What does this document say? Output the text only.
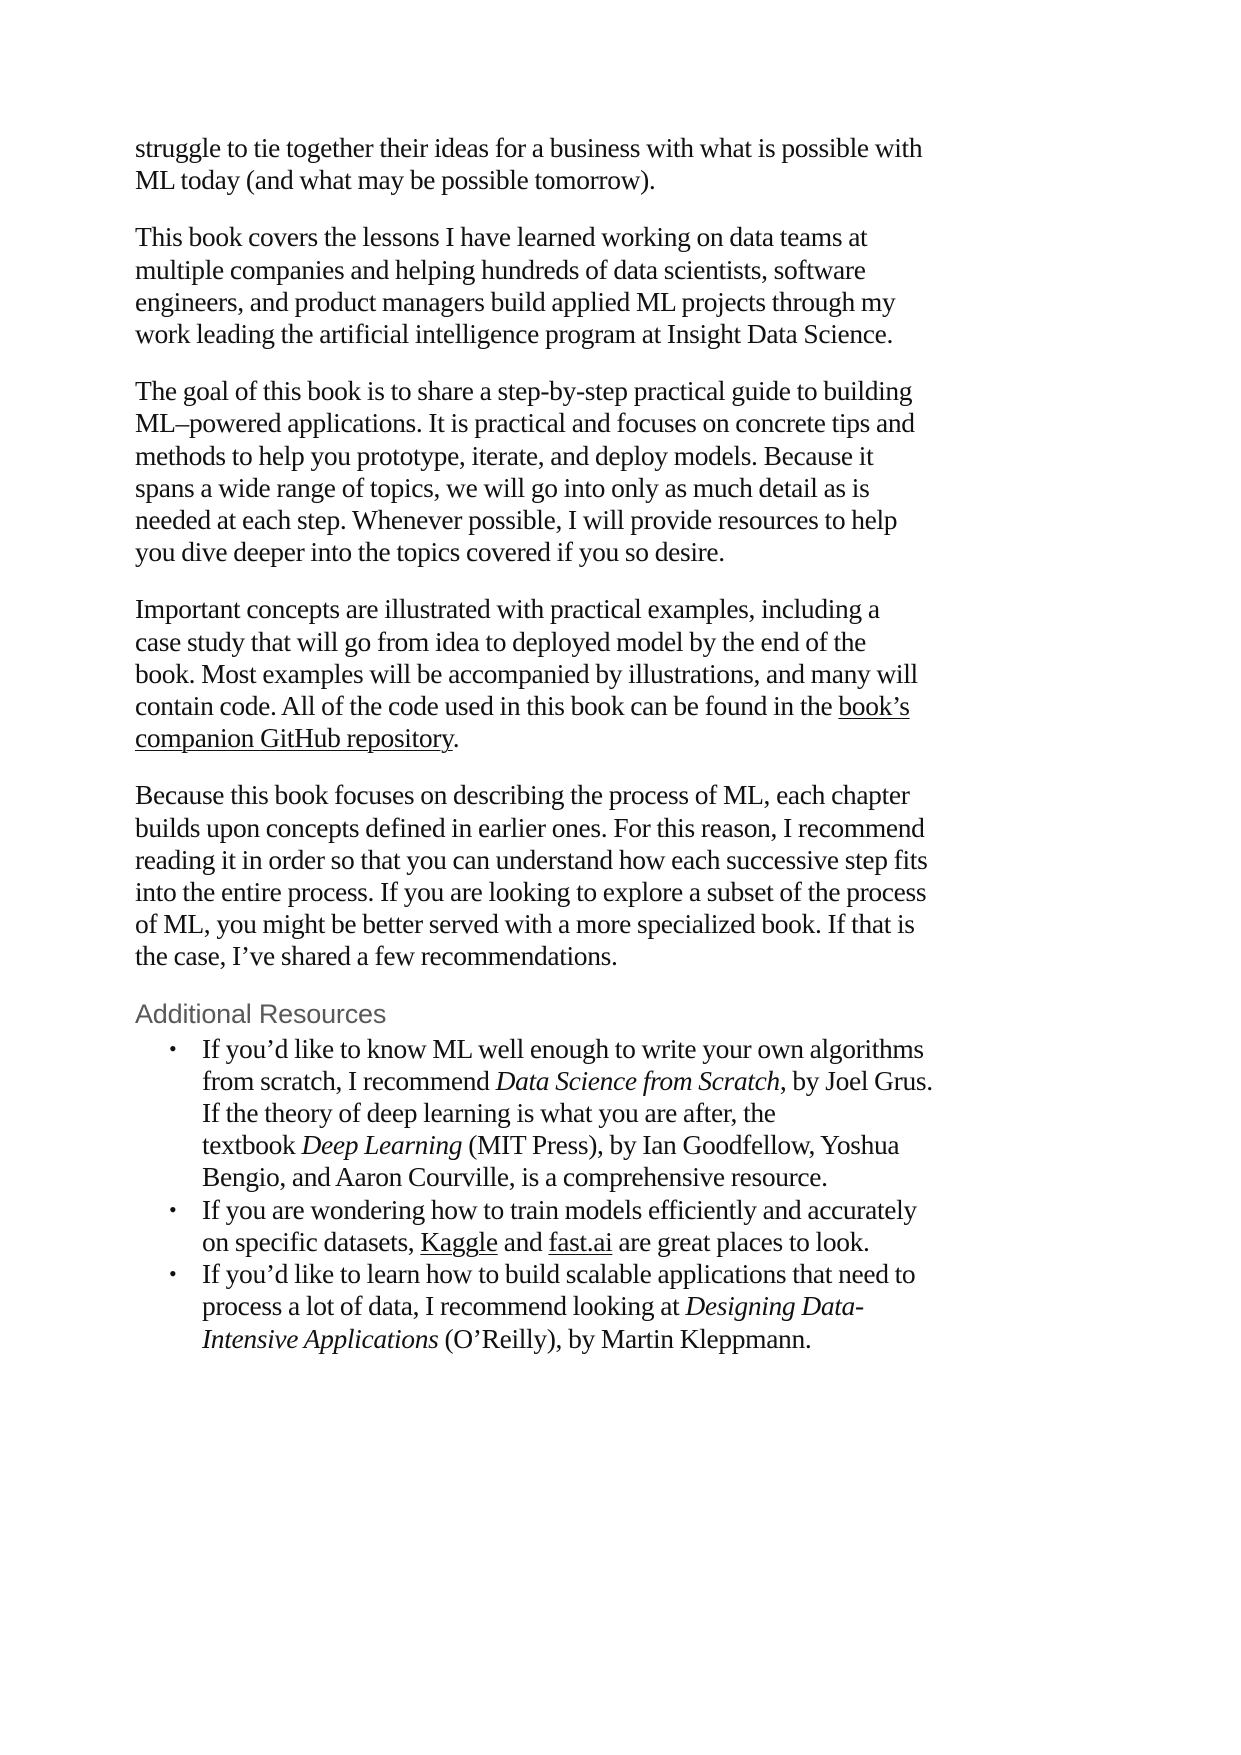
struggle to tie together their ideas for a business with what is possible with
ML today (and what may be possible tomorrow).

This book covers the lessons I have learned working on data teams at
multiple companies and helping hundreds of data scientists, software
engineers, and product managers build applied ML projects through my
work leading the artificial intelligence program at Insight Data Science.

The goal of this book is to share a step-by-step practical guide to building
ML–powered applications. It is practical and focuses on concrete tips and
methods to help you prototype, iterate, and deploy models. Because it
spans a wide range of topics, we will go into only as much detail as is
needed at each step. Whenever possible, I will provide resources to help
you dive deeper into the topics covered if you so desire.

Important concepts are illustrated with practical examples, including a
case study that will go from idea to deployed model by the end of the
book. Most examples will be accompanied by illustrations, and many will
contain code. All of the code used in this book can be found in the book’s
companion GitHub repository.

Because this book focuses on describing the process of ML, each chapter
builds upon concepts defined in earlier ones. For this reason, I recommend
reading it in order so that you can understand how each successive step fits
into the entire process. If you are looking to explore a subset of the process
of ML, you might be better served with a more specialized book. If that is
the case, I’ve shared a few recommendations.

Additional Resources
• If you’d like to know ML well enough to write your own algorithms
from scratch, I recommend Data Science from Scratch, by Joel Grus.
If the theory of deep learning is what you are after, the
textbook Deep Learning (MIT Press), by Ian Goodfellow, Yoshua
Bengio, and Aaron Courville, is a comprehensive resource.
• If you are wondering how to train models efficiently and accurately
on specific datasets, Kaggle and fast.ai are great places to look.
• If you’d like to learn how to build scalable applications that need to
process a lot of data, I recommend looking at Designing Data-
Intensive Applications (O’Reilly), by Martin Kleppmann.
